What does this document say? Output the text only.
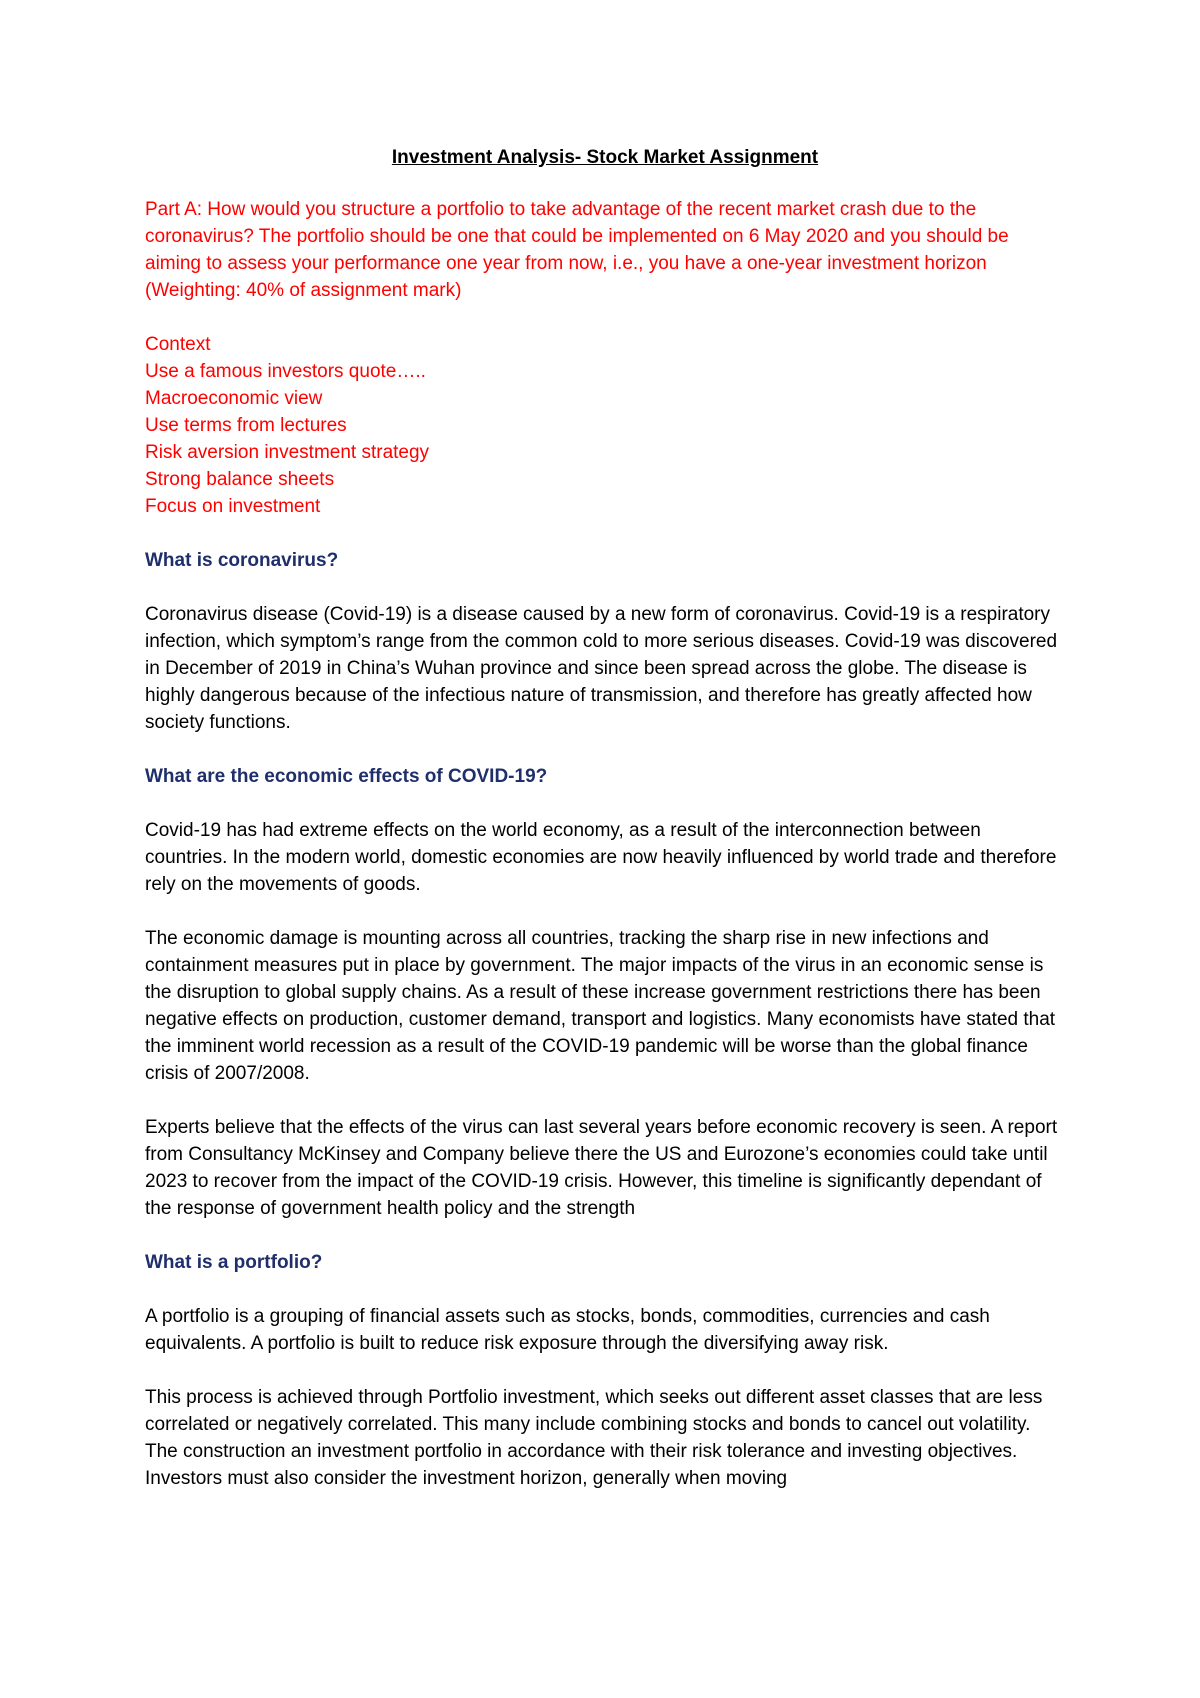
Investment Analysis- Stock Market Assignment
Part A: How would you structure a portfolio to take advantage of the recent market crash due to the coronavirus? The portfolio should be one that could be implemented on 6 May 2020 and you should be aiming to assess your performance one year from now, i.e., you have a one-year investment horizon (Weighting: 40% of assignment mark)
Context
Use a famous investors quote…..
Macroeconomic view
Use terms from lectures
Risk aversion investment strategy
Strong balance sheets
Focus on investment
What is coronavirus?

Coronavirus disease (Covid-19) is a disease caused by a new form of coronavirus. Covid-19 is a respiratory infection, which symptom’s range from the common cold to more serious diseases. Covid-19 was discovered in December of 2019 in China’s Wuhan province and since been spread across the globe. The disease is highly dangerous because of the infectious nature of transmission, and therefore has greatly affected how society functions.

What are the economic effects of COVID-19?

Covid-19 has had extreme effects on the world economy, as a result of the interconnection between countries. In the modern world, domestic economies are now heavily influenced by world trade and therefore rely on the movements of goods.

The economic damage is mounting across all countries, tracking the sharp rise in new infections and containment measures put in place by government. The major impacts of the virus in an economic sense is the disruption to global supply chains. As a result of these increase government restrictions there has been negative effects on production, customer demand, transport and logistics. Many economists have stated that the imminent world recession as a result of the COVID-19 pandemic will be worse than the global finance crisis of 2007/2008.

Experts believe that the effects of the virus can last several years before economic recovery is seen. A report from Consultancy McKinsey and Company believe there the US and Eurozone’s economies could take until 2023 to recover from the impact of the COVID-19 crisis. However, this timeline is significantly dependant of the response of government health policy and the strength

What is a portfolio?

A portfolio is a grouping of financial assets such as stocks, bonds, commodities, currencies and cash equivalents. A portfolio is built to reduce risk exposure through the diversifying away risk.

This process is achieved through Portfolio investment, which seeks out different asset classes that are less correlated or negatively correlated. This many include combining stocks and bonds to cancel out volatility. The construction an investment portfolio in accordance with their risk tolerance and investing objectives. Investors must also consider the investment horizon, generally when moving
